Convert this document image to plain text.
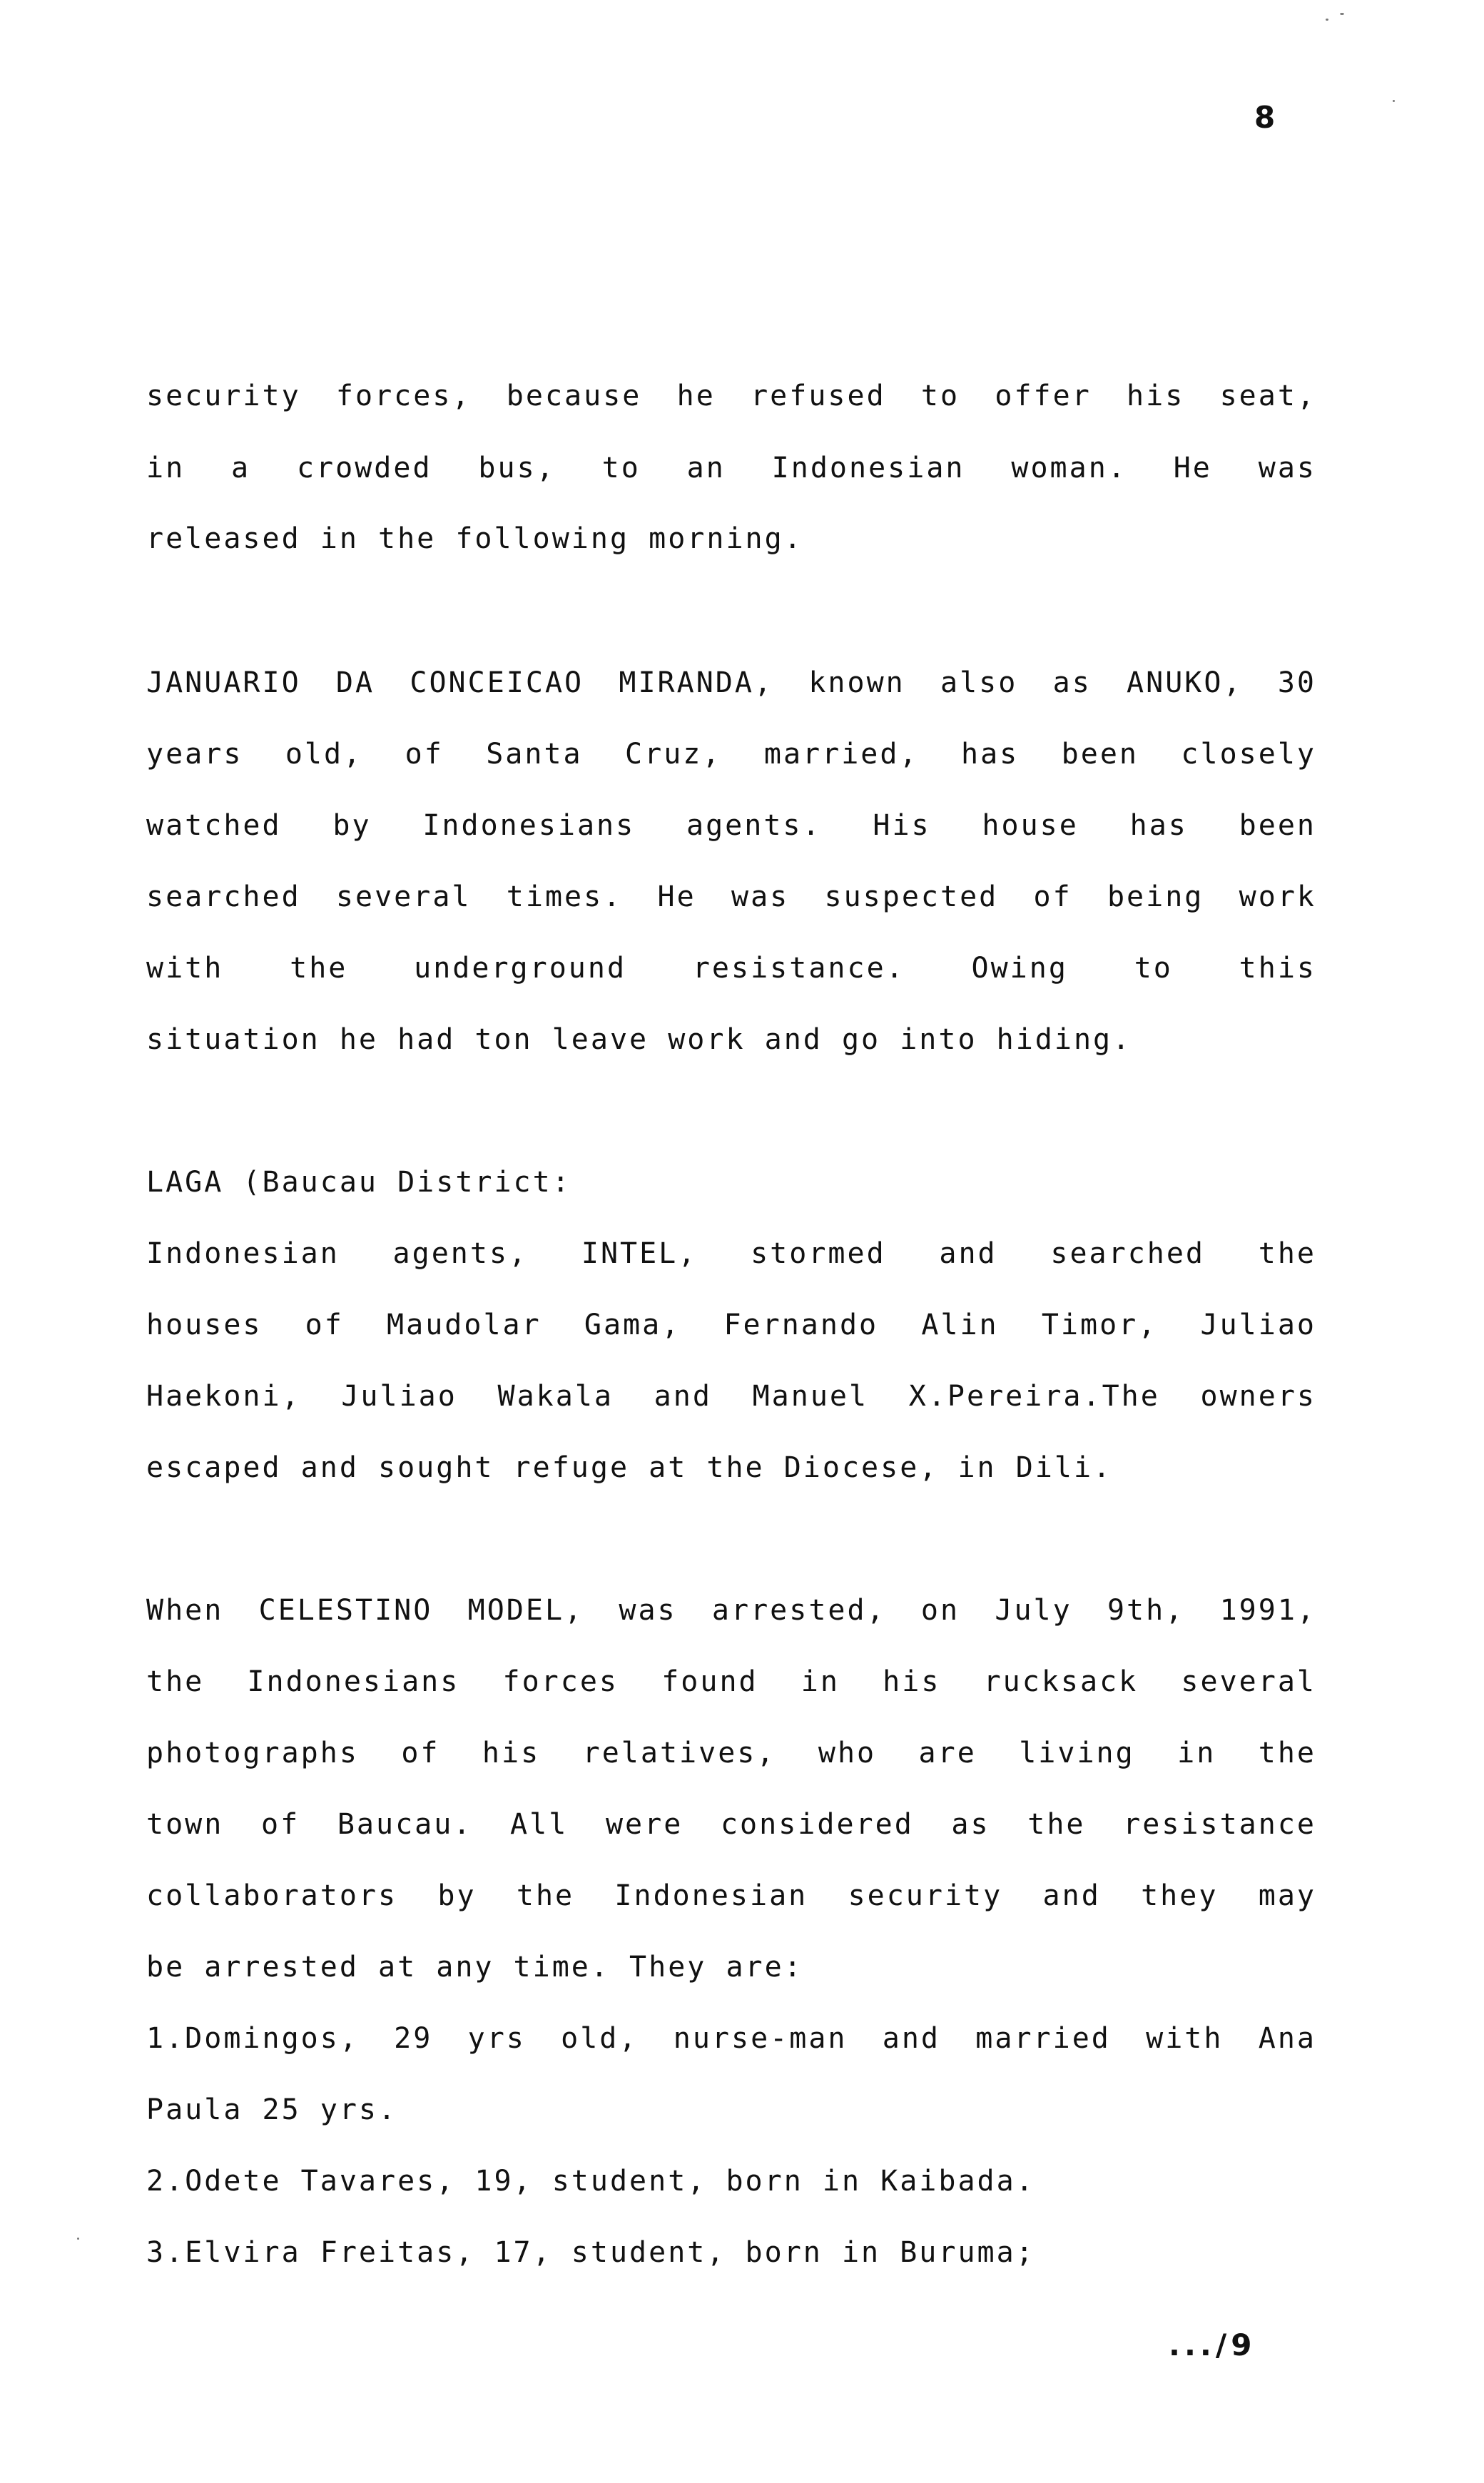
8
security forces, because he refused to offer his seat,
in a crowded bus, to an Indonesian woman. He was
released in the following morning.
JANUARIO DA CONCEICAO MIRANDA, known also as ANUKO, 30
years old, of Santa Cruz, married, has been closely
watched by Indonesians agents. His house has been
searched several times. He was suspected of being work
with the underground resistance. Owing to this
situation he had ton leave work and go into hiding.
LAGA (Baucau District:
Indonesian agents, INTEL, stormed and searched the
houses of Maudolar Gama, Fernando Alin Timor, Juliao
Haekoni, Juliao Wakala and Manuel X.Pereira.The owners
escaped and sought refuge at the Diocese, in Dili.
When CELESTINO MODEL, was arrested, on July 9th, 1991,
the Indonesians forces found in his rucksack several
photographs of his relatives, who are living in the
town of Baucau. All were considered as the resistance
collaborators by the Indonesian security and they may
be arrested at any time. They are:
1.Domingos, 29 yrs old, nurse-man and married with Ana
Paula 25 yrs.
2.Odete Tavares, 19, student, born in Kaibada.
3.Elvira Freitas, 17, student, born in Buruma;
.../9
